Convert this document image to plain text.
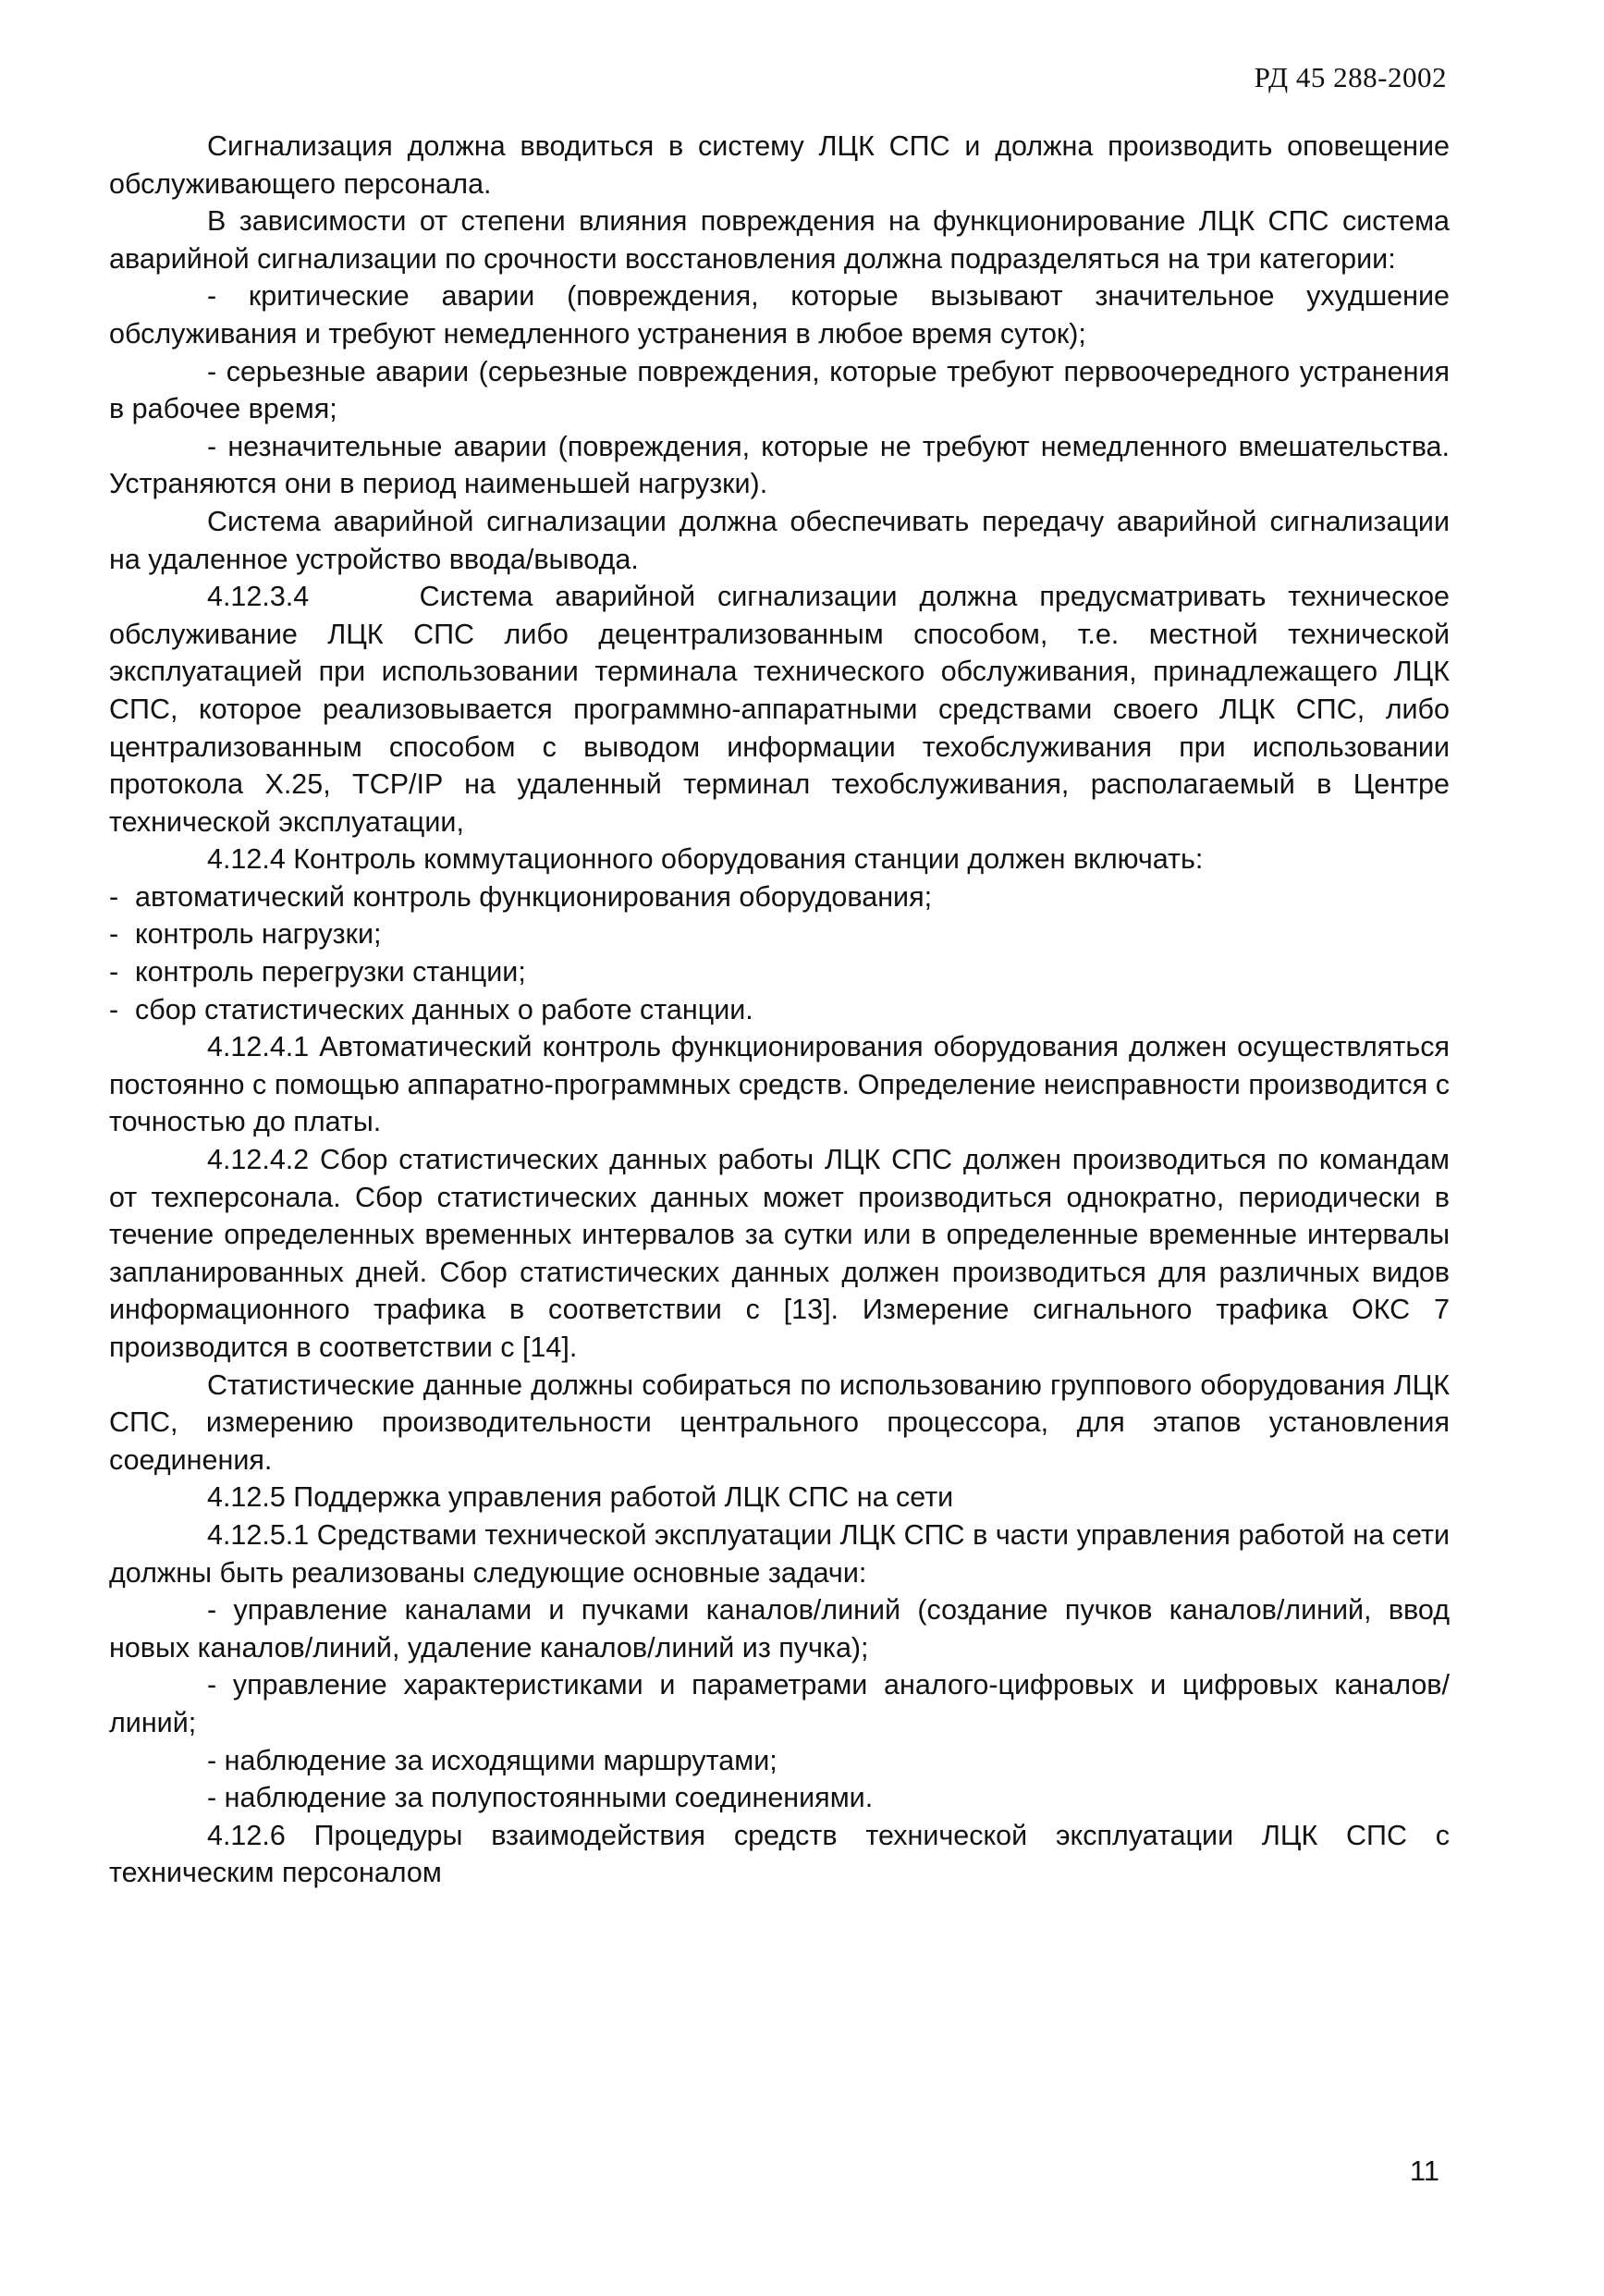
РД 45 288-2002

Сигнализация должна вводиться в систему ЛЦК СПС и должна производить оповещение обслуживающего персонала.

В зависимости от степени влияния повреждения на функционирование ЛЦК СПС система аварийной сигнализации по срочности восстановления должна подразделяться на три категории:

- критические аварии (повреждения, которые вызывают значительное ухудшение обслуживания и требуют немедленного устранения в любое время суток);

- серьезные аварии (серьезные повреждения, которые требуют первоочередного устранения в рабочее время;

- незначительные аварии (повреждения, которые не требуют немедленного вмешательства. Устраняются они в период наименьшей нагрузки).

Система аварийной сигнализации должна обеспечивать передачу аварийной сигнализации на удаленное устройство ввода/вывода.

4.12.3.4     Система аварийной сигнализации должна предусматривать техническое обслуживание ЛЦК СПС либо децентрализованным способом, т.е. местной технической эксплуатацией при использовании терминала технического обслуживания, принадлежащего ЛЦК СПС, которое реализовывается программно-аппаратными средствами своего ЛЦК СПС, либо централизованным способом с выводом информации техобслуживания при использовании протокола Х.25, TCP/IP на удаленный терминал техобслуживания, располагаемый в Центре технической эксплуатации,

4.12.4 Контроль коммутационного оборудования станции должен включать:

- автоматический контроль функционирования оборудования;

- контроль нагрузки;

- контроль перегрузки станции;

- сбор статистических данных о работе станции.

4.12.4.1 Автоматический контроль функционирования оборудования должен осуществляться постоянно с помощью аппаратно-программных средств. Определение неисправности производится с точностью до платы.

4.12.4.2 Сбор статистических данных работы ЛЦК СПС должен производиться по командам от техперсонала. Сбор статистических данных может производиться однократно, периодически в течение определенных временных интервалов за сутки или в определенные временные интервалы запланированных дней. Сбор статистических данных должен производиться для различных видов информационного трафика в соответствии с [13]. Измерение сигнального трафика ОКС 7 производится в соответствии с [14].

Статистические данные должны собираться по использованию группового оборудования ЛЦК СПС, измерению производительности центрального процессора, для этапов установления соединения.

4.12.5 Поддержка управления работой ЛЦК СПС на сети

4.12.5.1 Средствами технической эксплуатации ЛЦК СПС в части управления работой на сети должны быть реализованы следующие основные задачи:

- управление каналами и пучками каналов/линий (создание пучков каналов/линий, ввод новых каналов/линий, удаление каналов/линий из пучка);

- управление характеристиками и параметрами аналого-цифровых и цифровых каналов/линий;

- наблюдение за исходящими маршрутами;

- наблюдение за полупостоянными соединениями.

4.12.6 Процедуры взаимодействия средств технической эксплуатации ЛЦК СПС с техническим персоналом

11
